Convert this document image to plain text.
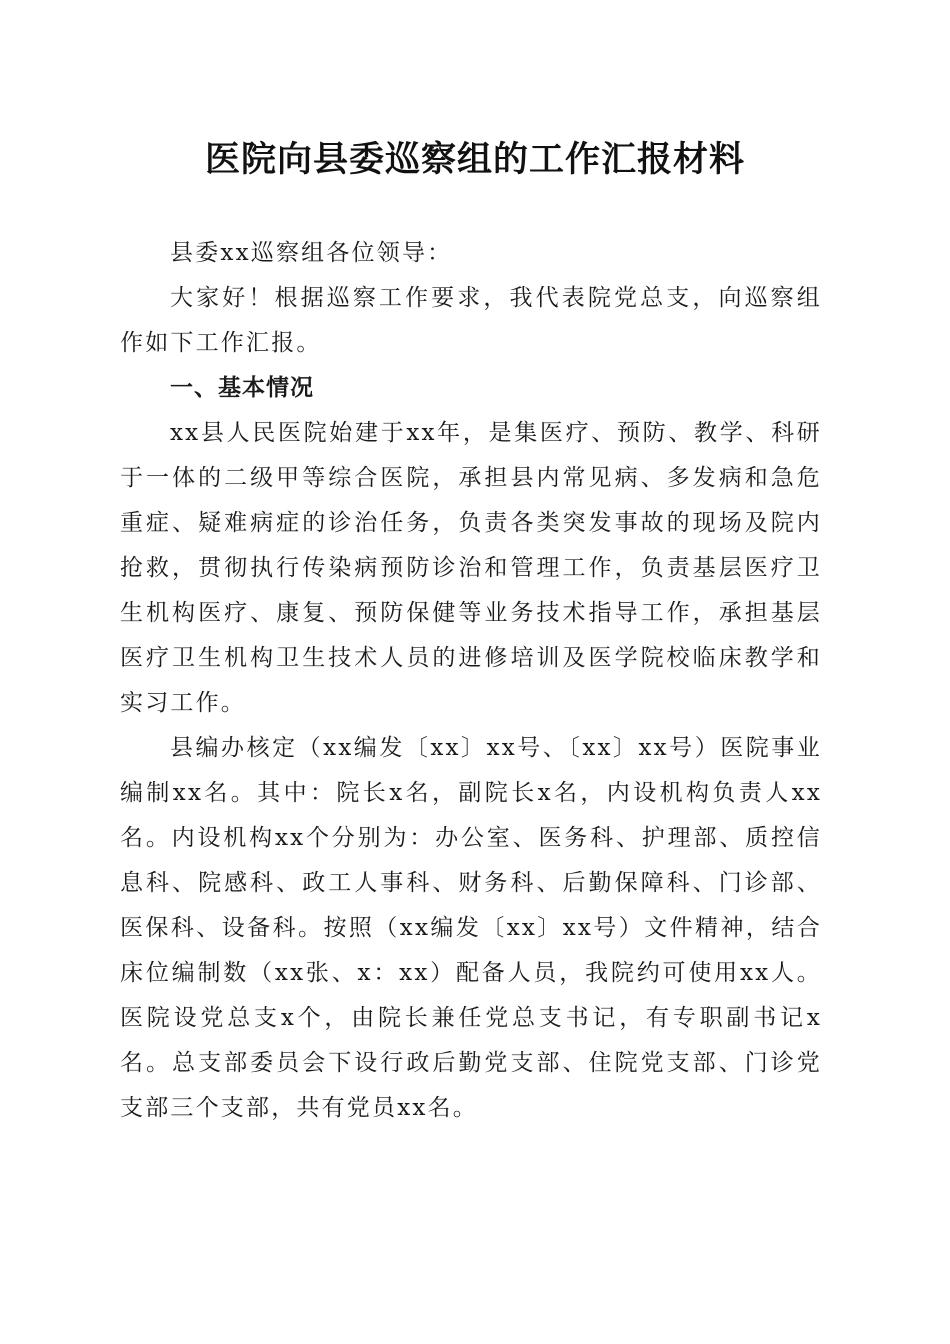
医院向县委巡察组的工作汇报材料

县委xx巡察组各位领导：

大家好！根据巡察工作要求，我代表院党总支，向巡察组作如下工作汇报。

一、基本情况

xx县人民医院始建于xx年，是集医疗、预防、教学、科研于一体的二级甲等综合医院，承担县内常见病、多发病和急危重症、疑难病症的诊治任务，负责各类突发事故的现场及院内抢救，贯彻执行传染病预防诊治和管理工作，负责基层医疗卫生机构医疗、康复、预防保健等业务技术指导工作，承担基层医疗卫生机构卫生技术人员的进修培训及医学院校临床教学和实习工作。

县编办核定（xx编发〔xx〕xx号、〔xx〕xx号）医院事业编制xx名。其中：院长x名，副院长x名，内设机构负责人xx名。内设机构xx个分别为：办公室、医务科、护理部、质控信息科、院感科、政工人事科、财务科、后勤保障科、门诊部、医保科、设备科。按照（xx编发〔xx〕xx号）文件精神，结合床位编制数（xx张、x：xx）配备人员，我院约可使用xx人。医院设党总支x个，由院长兼任党总支书记，有专职副书记x名。总支部委员会下设行政后勤党支部、住院党支部、门诊党支部三个支部，共有党员xx名。
